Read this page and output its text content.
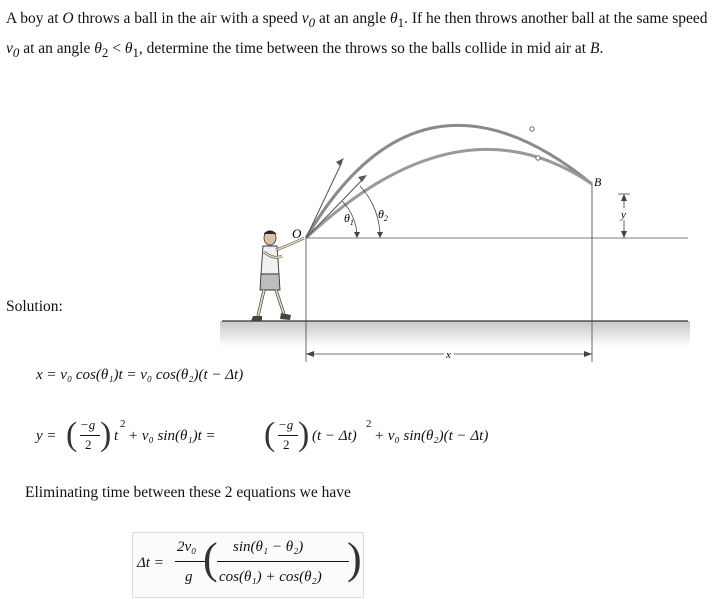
A boy at O throws a ball in the air with a speed $v_0$ at an angle $\theta_1$. If he then throws another ball at the same speed $v_0$ at an angle $\theta_2 < \theta_1$, determine the time between the throws so the balls collide in mid air at B.
$\theta_1$
$\theta_2$
O
B
y
x
Solution:
x = v₀ cos(θ₁)t = v₀ cos(θ₂)(t − Δt)
y = ( −g
2 ) t
2
+ v₀ sin(θ₁)t = ( −g
2 ) (t − Δt)
2
+ v₀ sin(θ₂)(t − Δt)
Eliminating time between these 2 equations we have
Δt =
2v₀
g ( sin(θ₁ − θ₂)
cos(θ₁) + cos(θ₂) )
